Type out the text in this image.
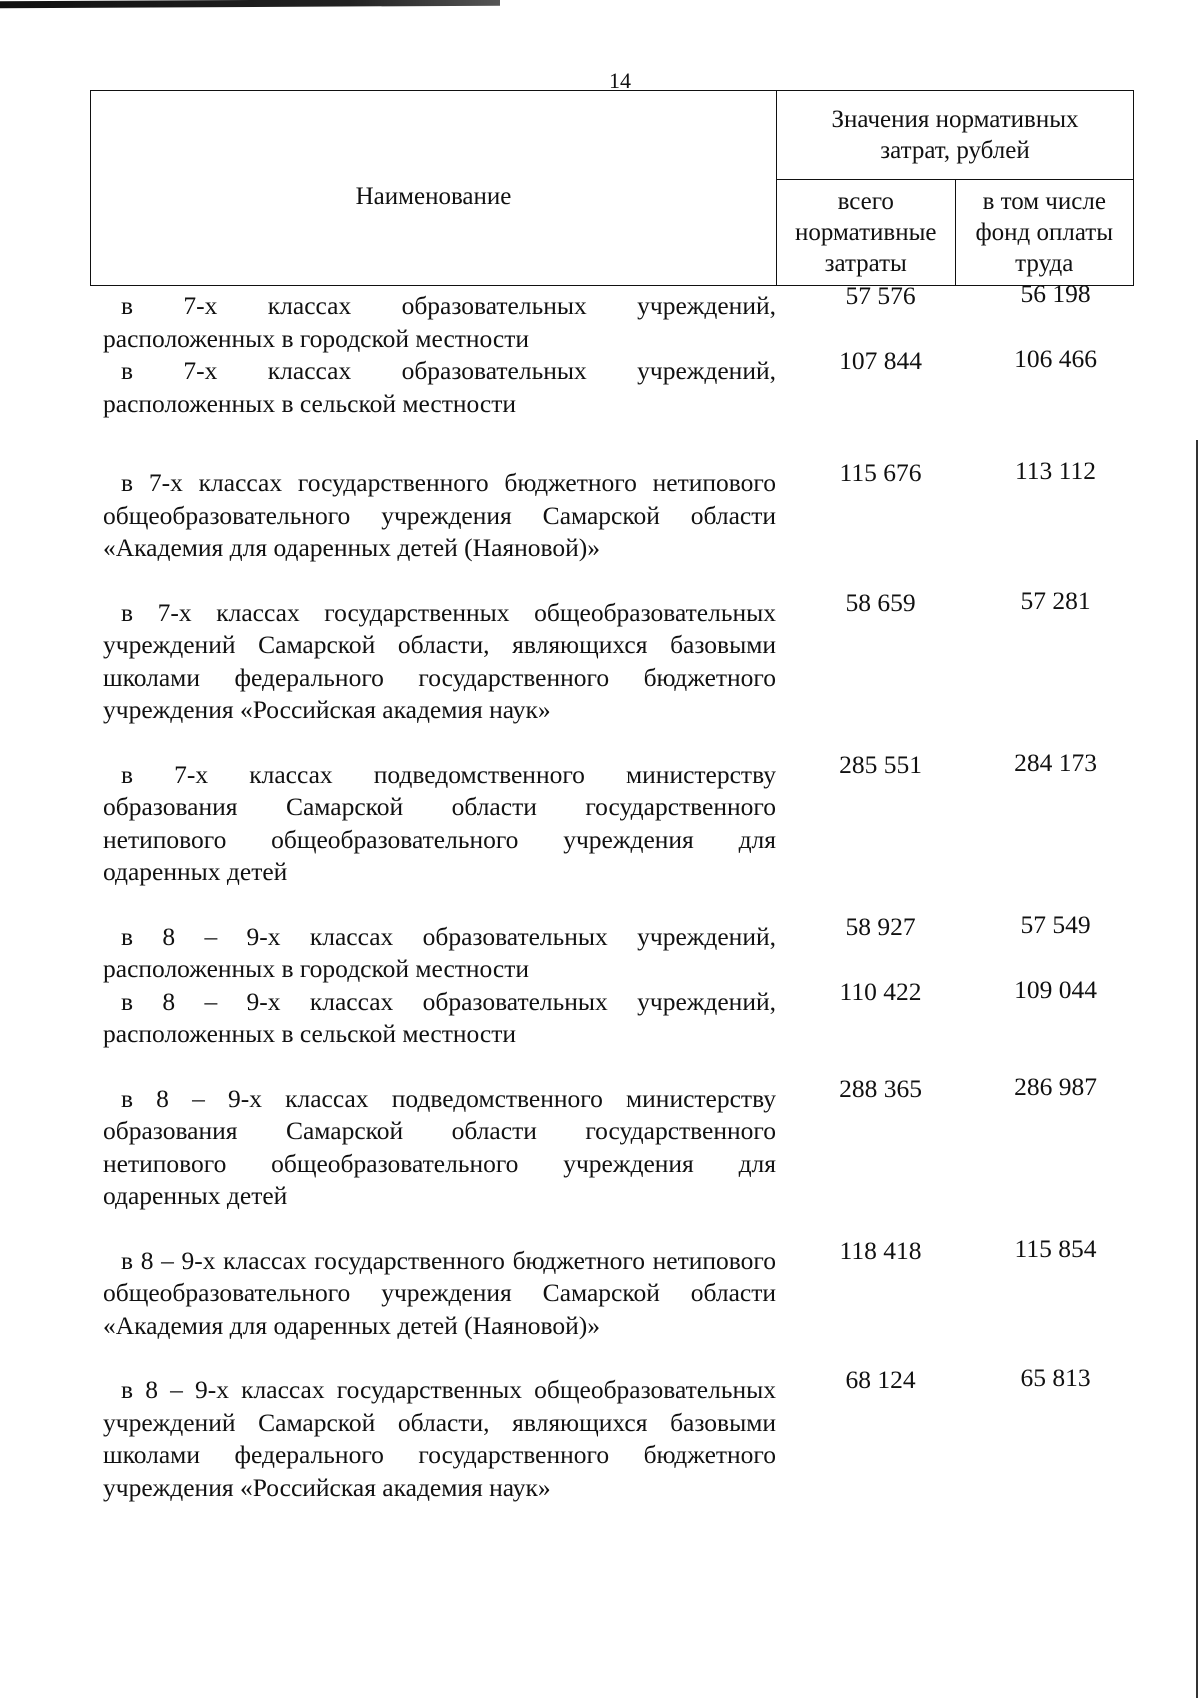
14
Наименование	Значения нормативных затрат, рублей	

	всего нормативные затраты	в том числе фонд оплаты труда
в 7-х классах образовательных учреждений, расположенных в городской местности
57 576	56 198
в 7-х классах образовательных учреждений, расположенных в сельской местности
107 844	106 466
в 7-х классах государственного бюджетного нетипового общеобразовательного учреждения Самарской области «Академия для одаренных детей (Наяновой)»
115 676	113 112
в 7-х классах государственных общеобразовательных учреждений Самарской области, являющихся базовыми школами федерального государственного бюджетного учреждения «Российская академия наук»
58 659	57 281
в 7-х классах подведомственного министерству образования Самарской области государственного нетипового общеобразовательного учреждения для одаренных детей
285 551	284 173
в 8 – 9-х классах образовательных учреждений, расположенных в городской местности
58 927	57 549
в 8 – 9-х классах образовательных учреждений, расположенных в сельской местности
110 422	109 044
в 8 – 9-х классах подведомственного министерству образования Самарской области государственного нетипового общеобразовательного учреждения для одаренных детей
288 365	286 987
в 8 – 9-х классах государственного бюджетного нетипового общеобразовательного учреждения Самарской области «Академия для одаренных детей (Наяновой)»
118 418	115 854
в 8 – 9-х классах государственных общеобразовательных учреждений Самарской области, являющихся базовыми школами федерального государственного бюджетного учреждения «Российская академия наук»
68 124	65 813
